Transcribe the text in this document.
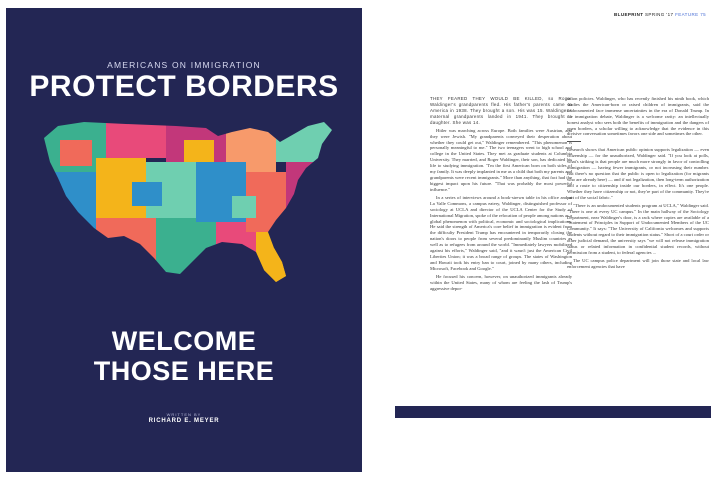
AMERICANS ON IMMIGRATION
PROTECT BORDERS
WELCOME
THOSE HERE
WRITTEN BY
RICHARD E. MEYER
BLUEPRINT SPRING '17 FEATURE 75

THEY FEARED THEY WOULD BE KILLED, so Roger Waldinger's grandparents fled. His father's parents came to America in 1938. They brought a son. His was 15. Waldinger's maternal grandparents landed in 1941. They brought a daughter. She was 14.

Hitler was marching across Europe. Both families were Austrian, and they were Jewish. "My grandparents conveyed their desperation about whether they could get out," Waldinger remembered. "This phenomenon is personally meaningful to me." The two teenagers went to high school and college in the United States. They met as graduate students at Columbia University. They married, and Roger Waldinger, their son, has dedicated his life to studying immigration. "I'm the first American born on both sides of my family. It was deeply implanted in me as a child that both my parents and grandparents were recent immigrants." More than anything, that fact had the biggest impact upon his future. "That was probably the most powerful influence."

In a series of interviews around a book-strewn table in his office and at La Valle Commons, a campus eatery, Waldinger, distinguished professor of sociology at UCLA and director of the UCLA Center for the Study of International Migration, spoke of the relocation of people among nations as a global phenomenon with political, economic and sociological implications. He said the strength of America's core belief in immigration is evident from the difficulty President Trump has encountered in temporarily closing the nation's doors to people from several predominantly Muslim countries as well as to refugees from around the world. "Immediately lawyers mobilized against his efforts," Waldinger said, "and it wasn't just the American Civil Liberties Union; it was a broad range of groups. The states of Washington and Hawaii took his entry ban to court, joined by many others, including Microsoft, Facebook and Google."

He focused his concern, however, on unauthorized immigrants already within the United States, many of whom are feeling the lash of Trump's aggressive depor-

tation policies. Waldinger, who has recently finished his ninth book, which studies the American-born or raised children of immigrants, said the undocumented face immense uncertainties in the era of Donald Trump. In the immigration debate, Waldinger is a welcome rarity: an intellectually honest analyst who sees both the benefits of immigration and the dangers of open borders, a scholar willing to acknowledge that the evidence in this divisive conversation sometimes favors one side and sometimes the other.

Research shows that American public opinion supports legalization — even citizenship — for the unauthorized, Waldinger said. "If you look at polls, what's striking is that people are much more strongly in favor of controlling immigration — having fewer immigrants, or not increasing their number. But there's no question that the public is open to legalization (for migrants who are already here) — and if not legalization, then long-term authorization and a route to citizenship inside our borders, in effect. It's one people. Whether they have citizenship or not, they're part of the community. They're part of the social fabric."

"There is an undocumented students program at UCLA," Waldinger said. "There is one at every UC campus." In the main hallway of the Sociology Department, near Waldinger's door, is a rack where copies are available of a "Statement of Principles in Support of Undocumented Members of the UC Community." It says: "The University of California welcomes and supports students without regard to their immigration status." Short of a court order or other judicial demand, the university says "we will not release immigration status or related information in confidential student records, without permission from a student, to federal agencies ...

The UC campus police department will join those state and local law enforcement agencies that have
